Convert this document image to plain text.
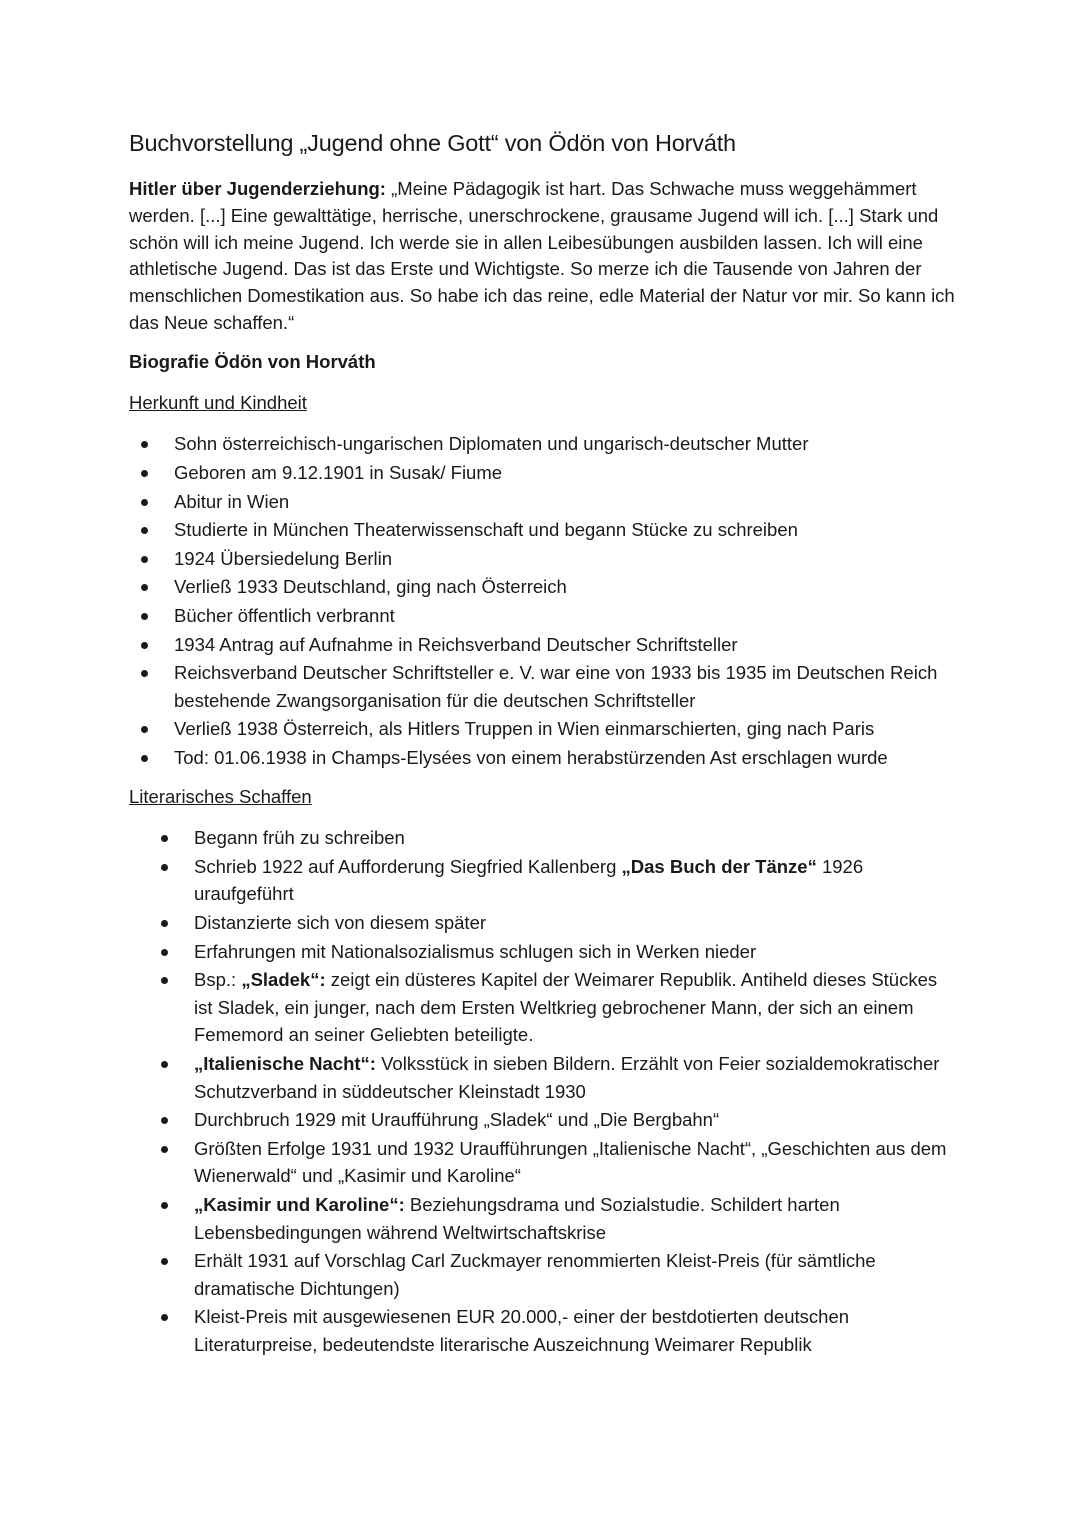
Buchvorstellung „Jugend ohne Gott“ von Ödön von Horváth

Hitler über Jugenderziehung: „Meine Pädagogik ist hart. Das Schwache muss weggehämmert werden. [...] Eine gewalttätige, herrische, unerschrockene, grausame Jugend will ich. [...] Stark und schön will ich meine Jugend. Ich werde sie in allen Leibesübungen ausbilden lassen. Ich will eine athletische Jugend. Das ist das Erste und Wichtigste. So merze ich die Tausende von Jahren der menschlichen Domestikation aus. So habe ich das reine, edle Material der Natur vor mir. So kann ich das Neue schaffen.“

Biografie Ödön von Horváth
Herkunft und Kindheit
Sohn österreichisch-ungarischen Diplomaten und ungarisch-deutscher Mutter
Geboren am 9.12.1901 in Susak/ Fiume
Abitur in Wien
Studierte in München Theaterwissenschaft und begann Stücke zu schreiben
1924 Übersiedelung Berlin
Verließ 1933 Deutschland, ging nach Österreich
Bücher öffentlich verbrannt
1934 Antrag auf Aufnahme in Reichsverband Deutscher Schriftsteller
Reichsverband Deutscher Schriftsteller e. V. war eine von 1933 bis 1935 im Deutschen Reich bestehende Zwangsorganisation für die deutschen Schriftsteller
Verließ 1938 Österreich, als Hitlers Truppen in Wien einmarschierten, ging nach Paris
Tod: 01.06.1938 in Champs-Elysées von einem herabstürzenden Ast erschlagen wurde
Literarisches Schaffen
Begann früh zu schreiben
Schrieb 1922 auf Aufforderung Siegfried Kallenberg „Das Buch der Tänze“ 1926 uraufgeführt
Distanzierte sich von diesem später
Erfahrungen mit Nationalsozialismus schlugen sich in Werken nieder
Bsp.: „Sladek“: zeigt ein düsteres Kapitel der Weimarer Republik. Antiheld dieses Stückes ist Sladek, ein junger, nach dem Ersten Weltkrieg gebrochener Mann, der sich an einem Fememord an seiner Geliebten beteiligte.
„Italienische Nacht“: Volksstück in sieben Bildern. Erzählt von Feier sozialdemokratischer Schutzverband in süddeutscher Kleinstadt 1930
Durchbruch 1929 mit Uraufführung „Sladek“ und „Die Bergbahn“
Größten Erfolge 1931 und 1932 Uraufführungen „Italienische Nacht“, „Geschichten aus dem Wienerwald“ und „Kasimir und Karoline“
„Kasimir und Karoline“: Beziehungsdrama und Sozialstudie. Schildert harten Lebensbedingungen während Weltwirtschaftskrise
Erhält 1931 auf Vorschlag Carl Zuckmayer renommierten Kleist-Preis (für sämtliche dramatische Dichtungen)
Kleist-Preis mit ausgewiesenen EUR 20.000,- einer der bestdotierten deutschen Literaturpreise, bedeutendste literarische Auszeichnung Weimarer Republik
